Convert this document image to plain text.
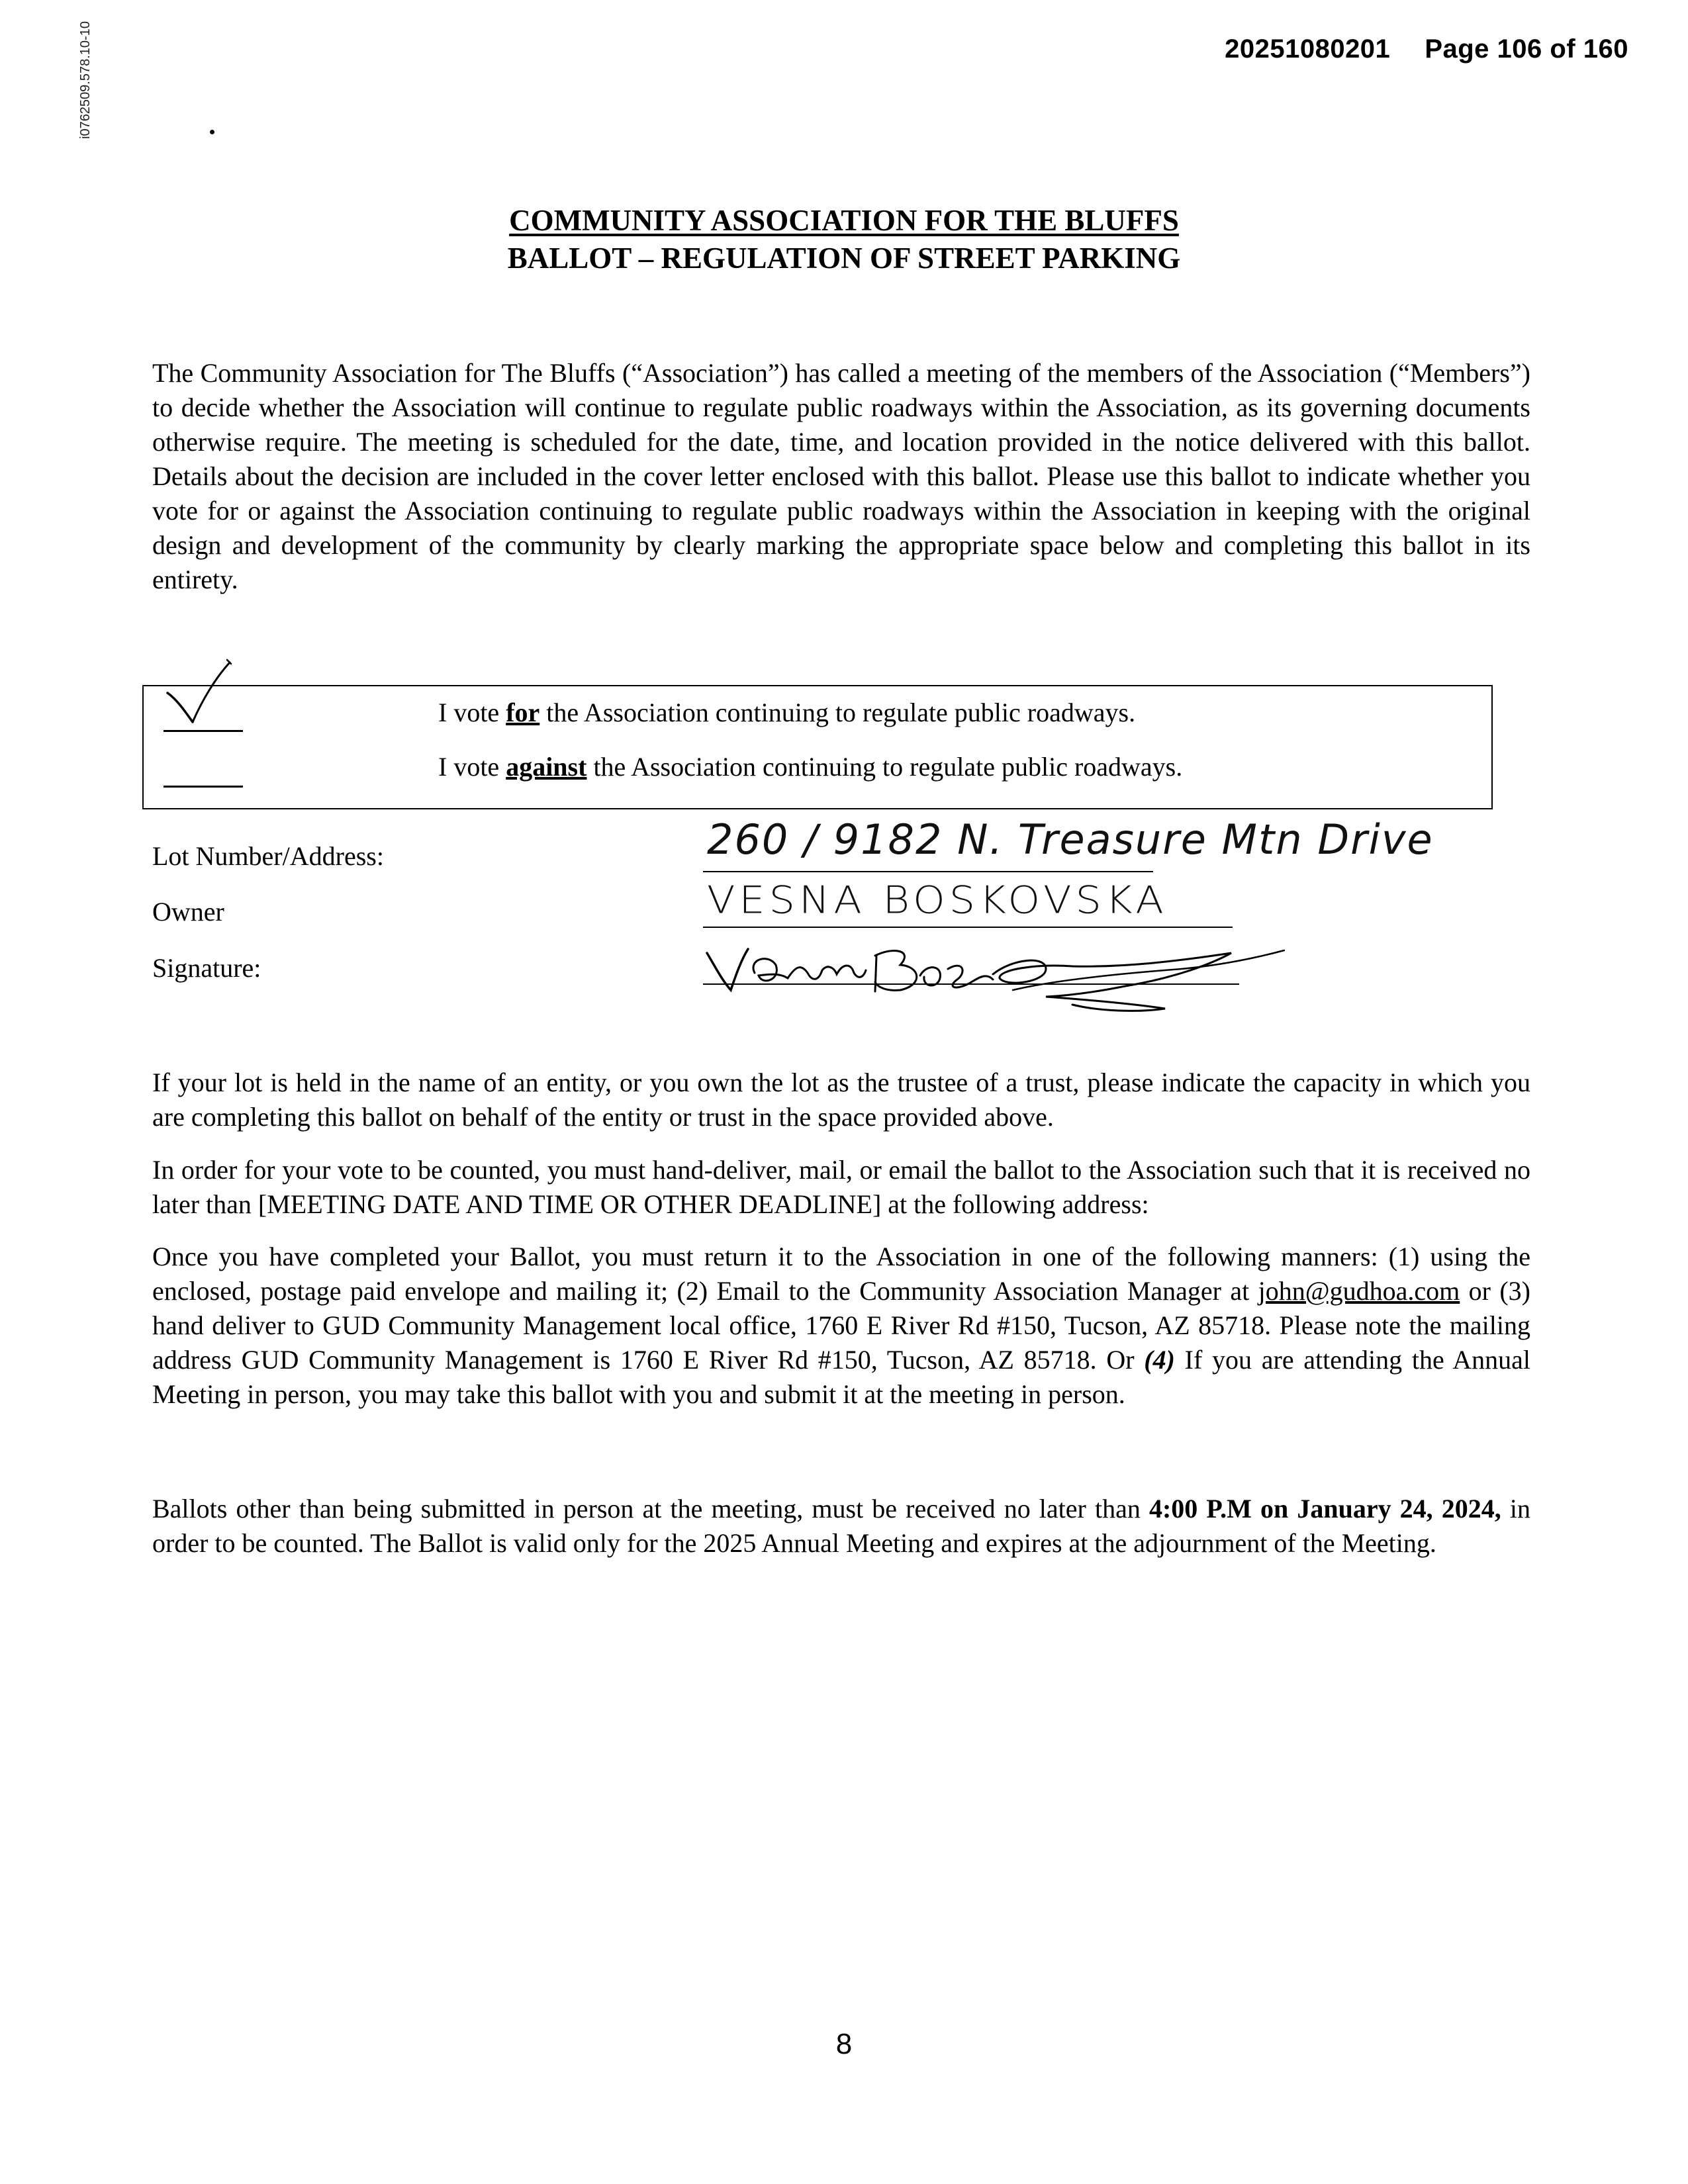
20251080201 Page 106 of 160
i0762509.578.10-10
COMMUNITY ASSOCIATION FOR THE BLUFFS
BALLOT – REGULATION OF STREET PARKING

The Community Association for The Bluffs (“Association”) has called a meeting of the members of the Association (“Members”) to decide whether the Association will continue to regulate public roadways within the Association, as its governing documents otherwise require. The meeting is scheduled for the date, time, and location provided in the notice delivered with this ballot. Details about the decision are included in the cover letter enclosed with this ballot. Please use this ballot to indicate whether you vote for or against the Association continuing to regulate public roadways within the Association in keeping with the original design and development of the community by clearly marking the appropriate space below and completing this ballot in its entirety.

I vote for the Association continuing to regulate public roadways.
I vote against the Association continuing to regulate public roadways.
Lot Number/Address:	260 / 9182 N. Treasure Mtn Drive
Owner	VESNA BOSKOVSKA
Signature:

If your lot is held in the name of an entity, or you own the lot as the trustee of a trust, please indicate the capacity in which you are completing this ballot on behalf of the entity or trust in the space provided above.

In order for your vote to be counted, you must hand-deliver, mail, or email the ballot to the Association such that it is received no later than [MEETING DATE AND TIME OR OTHER DEADLINE] at the following address:

Once you have completed your Ballot, you must return it to the Association in one of the following manners: (1) using the enclosed, postage paid envelope and mailing it; (2) Email to the Community Association Manager at john@gudhoa.com or (3) hand deliver to GUD Community Management local office, 1760 E River Rd #150, Tucson, AZ 85718. Please note the mailing address GUD Community Management is 1760 E River Rd #150, Tucson, AZ 85718. Or (4) If you are attending the Annual Meeting in person, you may take this ballot with you and submit it at the meeting in person.

Ballots other than being submitted in person at the meeting, must be received no later than 4:00 P.M on January 24, 2024, in order to be counted. The Ballot is valid only for the 2025 Annual Meeting and expires at the adjournment of the Meeting.

8
